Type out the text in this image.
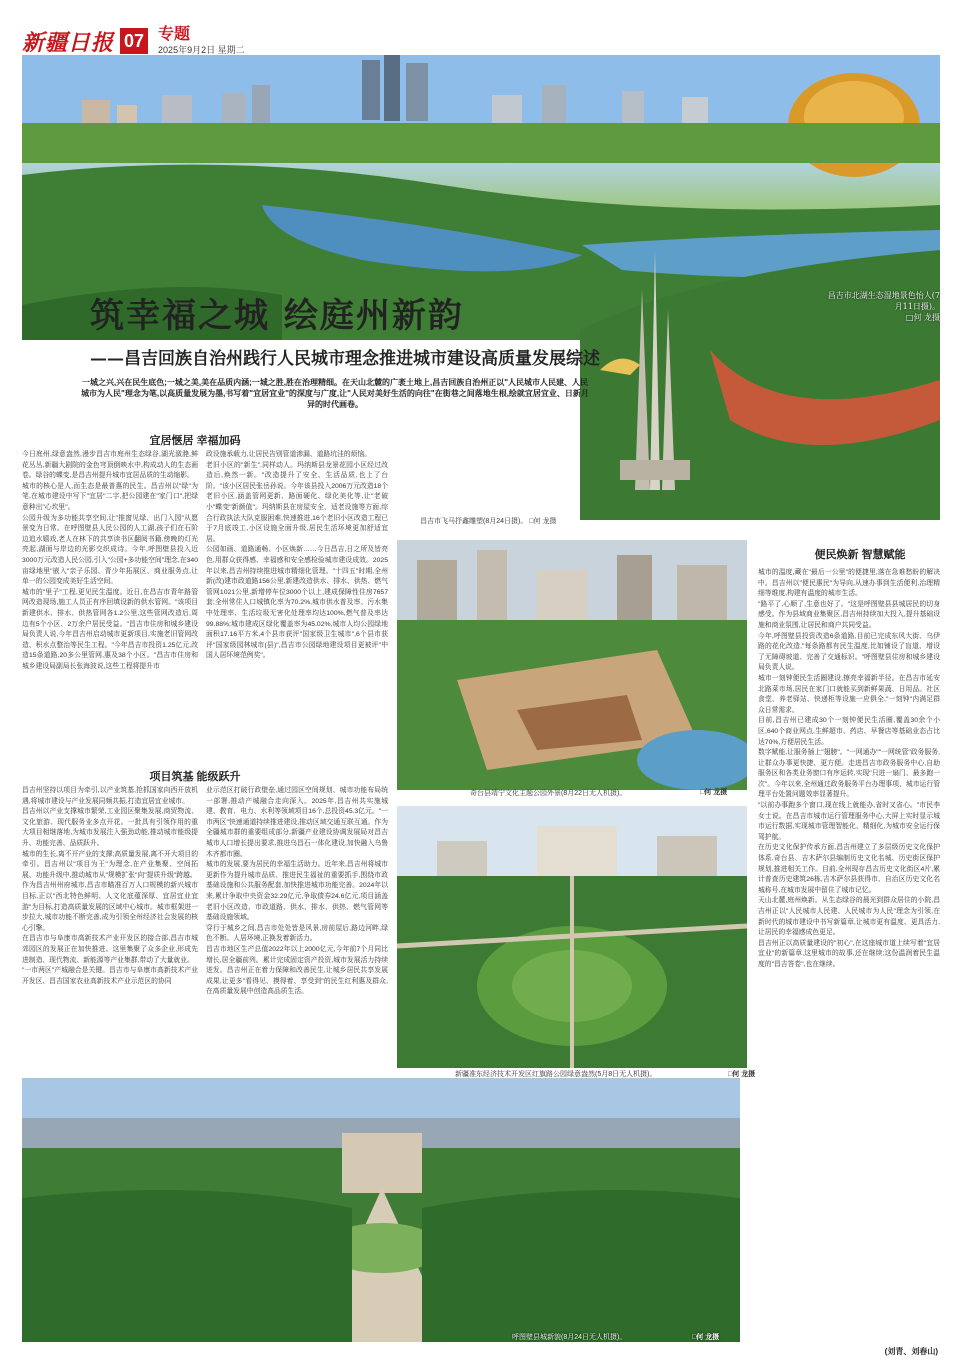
新疆日报 07 专题
2025年9月2日 星期二
昌吉市北湖生态湿地景色怡人(7月11日摄)。
□何 龙摄
筑幸福之城 绘庭州新韵
——昌吉回族自治州践行人民城市理念推进城市建设高质量发展综述

一城之兴,兴在民生底色;一城之美,美在品质内涵;一城之胜,胜在治理精细。在天山北麓的广袤土地上,昌吉回族自治州正以"人民城市人民建、人民城市为人民"理念为笔,以高质量发展为墨,书写着"宜居宜业"的深度与广度,让"人民对美好生活的向往"在街巷之间落地生根,绘就宜居宜业、日新月异的时代画卷。

昌吉市飞马抒鑫雕塑(8月24日摄)。 □何 龙摄
宜居惬居 幸福加码
今日庭州,绿意盎然,漫步昌吉市庭州生态绿谷,湖光潋滟,鲜花丛丛,新疆大剧院的金色穹顶倒映水中,构成动人的生态画卷。绿谷的蝶变,是昌吉州提升城市宜居品质的生动缩影。
城市的核心是人,而生态是最普惠的民生。昌吉州以"绿"为笔,在城市建设中写下"宜居"二字,把公园建在"家门口",把绿意种出"心坎里"。
公园升级为多功能共享空间,让"推窗见绿、出门入园"从愿景变为日常。在呼图壁县人民公园的人工湖,孩子们在石阶边追水嬉戏,老人在林下的共享读书区翻阅书籍,傍晚的灯光亮起,湖面与岸边的光影交织成诗。今年,呼图壁县投入近3000万元改造人民公园,引入"公园+多功能空间"理念,在340亩绿地里"嵌入"亲子乐园、青少年拓展区、商业服务点,让单一的公园变成美好生活空间。
城市的"里子"工程,更见民生温度。近日,在昌吉市青年路管网改造现场,施工人员正有序回填设新的供水管网。"该项目新建供水、排水、供热管网各1.2公里,这些管网改造后,周边有5个小区、2万余户居民受益。"昌吉市住房和城乡建设局负责人说,今年昌吉州启动城市更新项目,实施老旧管网改造、积水点整治等民生工程。"今年昌吉市投资1.25亿元,改造15条道路,20多公里管网,惠及38个小区。"昌吉市住房和城乡建设局副局长张海波说,这些工程将提升市
政设施承载力,让居民告别管道渗漏、道路坑洼的烦恼。
老旧小区的"新生",同样动人。玛纳斯县龙景花园小区经过改造后,焕然一新。"改造提升了安全、生活品质,也上了台阶。"该小区居民张岳孙说。今年该县投入2006万元改造18个老旧小区,涵盖管网更新、路面硬化、绿化美化等,让"老破小"蝶变"新颜值"。玛纳斯县在房屋安全、适老设施等方面,综合行政执法大队克服困难,快速推进,16个老旧小区改造工程已于7月底竣工,小区设施全面升级,居民生活环境更加舒适宜居。
公园如画、道路通畅、小区焕新……今日昌吉,日之所及皆亮色,用群众获得感、幸福感和安全感检验城市建设成效。2025年以来,昌吉州持续推进城市精细化管理。"十四五"时期,全州新(改)建市政道路156公里,新建改造供水、排水、供热、燃气管网1021公里,新增停车位3000个以上,建成保障性住房7657套;全州常住人口城镇化率为70.2%,城市供水普及率、污水集中处理率、生活垃圾无害化处理率均达100%,燃气普及率达99.88%;城市建成区绿化覆盖率为45.02%,城市人均公园绿地面积17.16平方米,4个县市获评"国家级卫生城市",6个县市获评"国家级园林城市(县)",昌吉市公园绿地建设项目更被评"中国人居环境范例奖"。
奇台县靖宁文化主题公园外景(8月22日无人机摄)。	□何 龙摄
项目筑基 能级跃升
昌吉州坚持以项目为牵引,以产业筑基,抢抓国家向西开放机遇,将城市建设与产业发展同频共振,打造宜居宜业城市。
昌吉州以产业支撑城市繁荣,工业园区聚集发展,商贸物流、文化旅游、现代服务业多点开花。一批具有引领作用的重大项目相继落地,为城市发展注入强劲动能,推动城市能级提升、功能完善、品质跃升。
城市的生长,离不开产业的支撑;高质量发展,离不开大项目的牵引。昌吉州以"项目为王"为理念,在产业集聚、空间拓展、功能升级中,推动城市从"规模扩张"向"提质升级"跨越。
作为昌吉州州府城市,昌吉市瞄准百万人口规模的新兴城市目标,正以"西北特色鲜明、人文化底蕴深厚、宜居宜业宜游"为目标,打造高质量发展的区域中心城市。城市框架进一步拉大,城市功能不断完善,成为引领全州经济社会发展的核心引擎。
在昌吉市与阜康市高新技术产业开发区的接合部,昌吉市城郊园区的发展正在加快推进。这里集聚了众多企业,形成先进制造、现代物流、新能源等产业集群,带动了大量就业。
"一市两区"产城融合是关键。昌吉市与阜康市高新技术产业开发区、昌吉国家农业高新技术产业示范区的协同
业示范区打破行政壁垒,通过园区空间规划、城市功能布局统一部署,推动产城融合走向深入。2025年,昌吉州共实施城建、教育、电力、水利等领域项目16个,总投资45.3亿元。"一市两区"快速通道持续推进建设,推动区域交通互联互通。作为全疆城市群的重要组成部分,新疆产业建设协调发展局对昌吉城市人口增长提出要求,推进乌昌石一体化建设,加快融入乌鲁木齐都市圈。
城市的发展,要为居民的幸福生活助力。近年来,昌吉州将城市更新作为提升城市品质、推进民生福祉的重要抓手,围绕市政基础设施和公共服务配套,加快推进城市功能完善。2024年以来,累计争取中央资金32.29亿元,争取债券24.6亿元,项目涵盖老旧小区改造、市政道路、供水、排水、供热、燃气管网等基础设施领域。
穿行于城乡之间,昌吉市处处皆是风景,房前屋后,路边河畔,绿色不断。人居环境,正换发着新活力。
昌吉市地区生产总值2022年以上2000亿元,今年前7个月同比增长,居全疆前列。累计完成固定资产投资,城市发展活力持续迸发。昌吉州正在着力保障和改善民生,让城乡居民共享发展成果,让更多"看得见、摸得着、享受到"的民生红利惠及群众,在高质量发展中创造高品质生活。
新疆准东经济技术开发区红旗路公园绿意盎然(5月8日无人机摄)。	□何 龙摄
便民焕新 智慧赋能
城市的温度,藏在"最后一公里"的便捷里,落在急难愁盼的解决中。昌吉州以"便民惠民"为导向,从速办事到生活便利,治理精细等维度,构建有温度的城市生活。
"路平了,心顺了,生意也好了。"这是呼图壁县县城居民的切身感受。作为县域商业集聚区,昌吉州持续加大投入,提升基础设施和商业氛围,让居民和商户共同受益。
今年,呼图壁县投资改造6条道路,目前已完成东风大街、乌伊路的花化改造,"每条路都有民生温度,比如铺设了盲道、增设了无障碍坡道、完善了交通标识。"呼图壁县住房和城乡建设局负责人说。
城市一刻钟便民生活圈建设,擦亮幸福新半径。在昌吉市延安北路菜市场,居民在家门口就能买到新鲜果蔬、日用品。社区食堂、养老驿站、快递柜等设施一应俱全,"一刻钟"内满足群众日常需求。
目前,昌吉州已建成30个一刻钟便民生活圈,覆盖30余个小区,640个商业网点,生鲜超市、药店、早餐店等基础业态占比达70%,方便居民生活。
数字赋能,让服务插上"翅膀"。"一网通办""一网统管"政务服务,让群众办事更快捷、更方便。走进昌吉市政务服务中心,自助服务区和各类业务窗口有序运转,实现"只进一扇门、最多跑一次"。今年以来,全州通过政务服务平台办理事项、城市运行管理平台处置问题效率显著提升。
"以前办事跑多个窗口,现在线上就能办,省时又省心。"市民李女士说。在昌吉市城市运行管理服务中心,大屏上实时显示城市运行数据,实现城市管理智能化、精细化,为城市安全运行保驾护航。
在历史文化保护传承方面,昌吉州建立了多层级历史文化保护体系,奇台县、吉木萨尔县编制历史文化名城、历史街区保护规划,推进相关工作。目前,全州现存昌吉历史文化街区4片,累计普查历史建筑26栋,吉木萨尔县获得市、自治区历史文化名城称号,在城市发展中留住了城市记忆。
天山北麓,庭州焕新。从生态绿谷的晨光到群众居住的小院,昌吉州正以"人民城市人民建、人民城市为人民"理念为引领,在新时代的城市建设中书写新篇章,让城市更有温度、更具活力,让居民的幸福感成色更足。
昌吉州正以高质量建设的"初心",在这座城市道上续写着"宜居宜业"的新篇章,这里城市的故事,还在继续;这份温润着民生温度的"昌吉答卷",也在继续。
呼图壁县城新貌(8月24日无人机摄)。	□何 龙摄
(刘青、刘春山)
